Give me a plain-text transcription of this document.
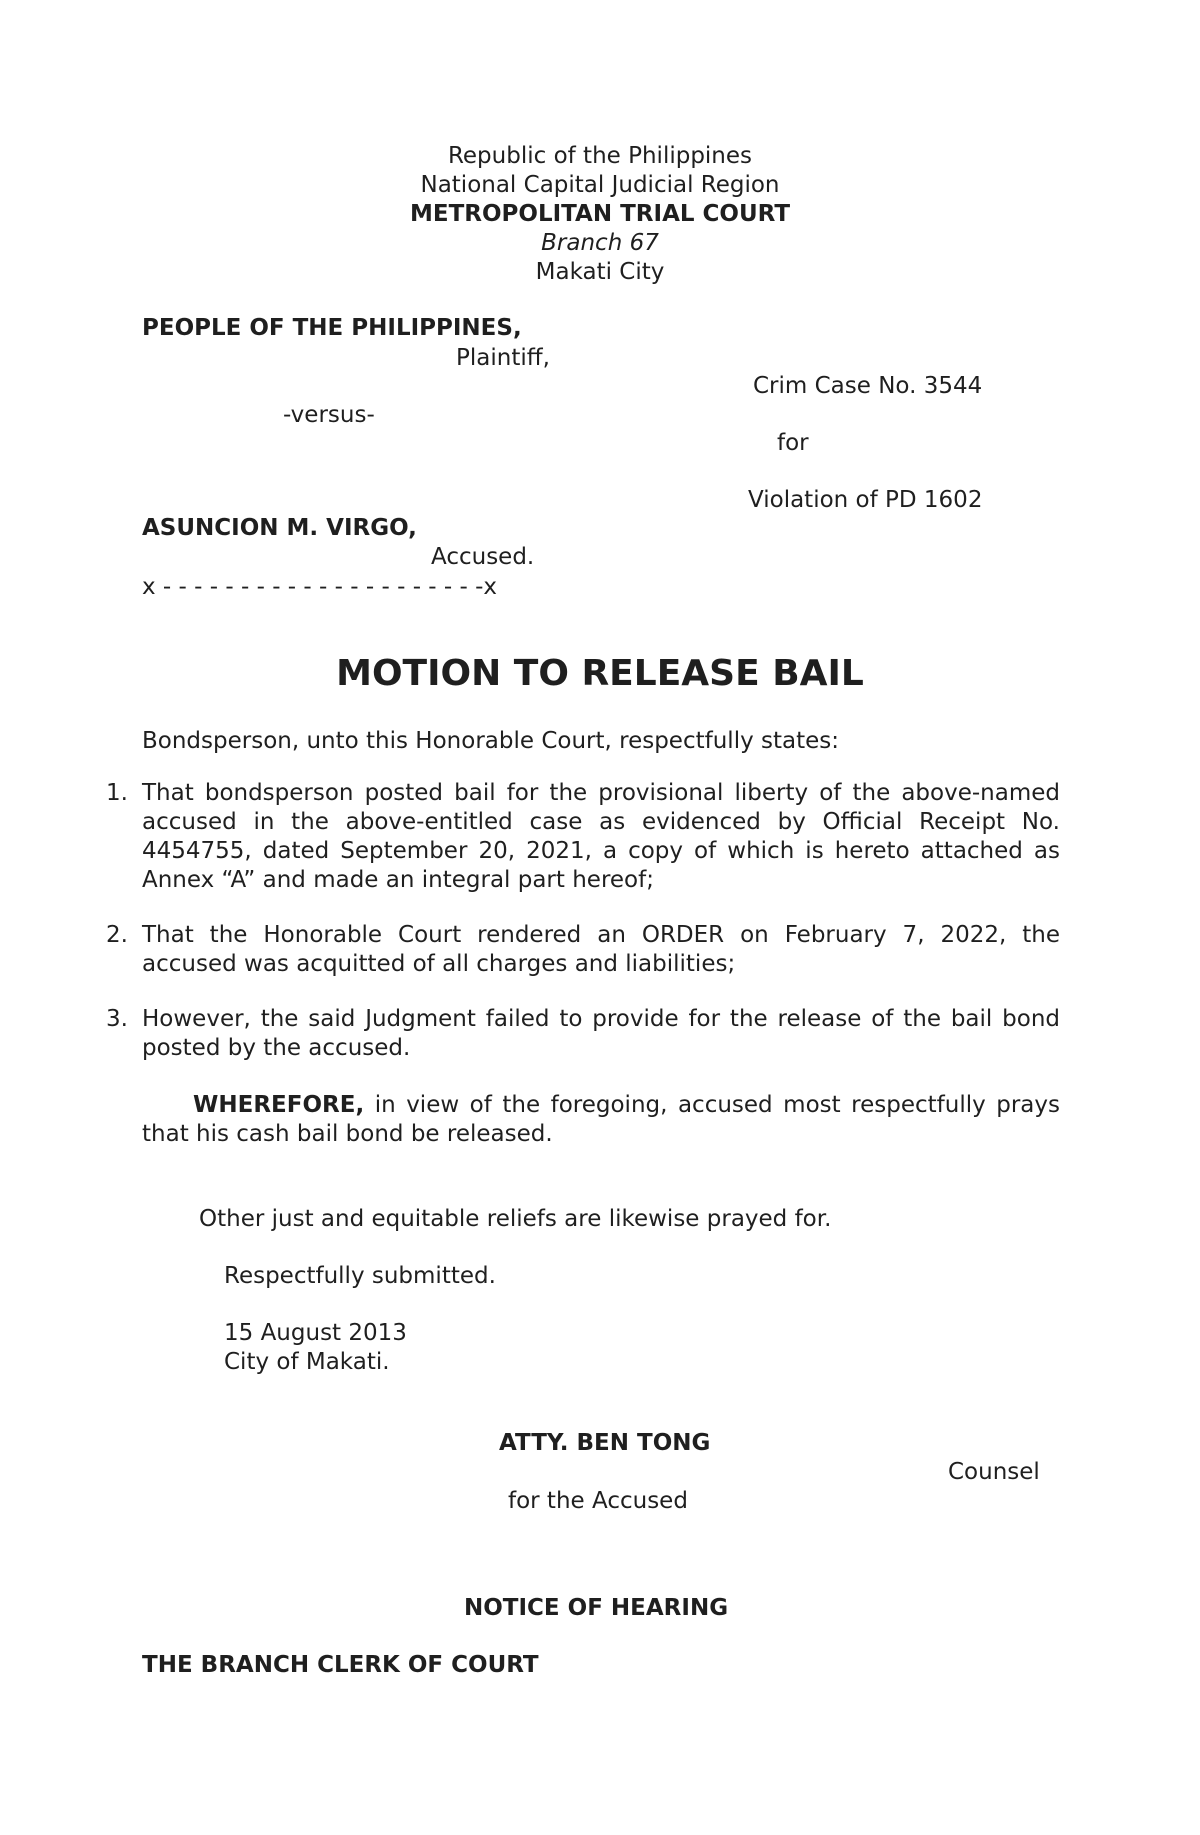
Republic of the Philippines
National Capital Judicial Region
METROPOLITAN TRIAL COURT
Branch 67
Makati City
PEOPLE OF THE PHILIPPINES,
Plaintiff,
-versus-
ASUNCION M. VIRGO,
Accused.
x - - - - - - - - - - - - - - - - - - - - -x
Crim Case No. 3544
for
Violation of PD 1602
MOTION TO RELEASE BAIL
Bondsperson, unto this Honorable Court, respectfully states:
1. That bondsperson posted bail for the provisional liberty of the above-named accused in the above-entitled case as evidenced by Official Receipt No. 4454755, dated September 20, 2021, a copy of which is hereto attached as Annex “A” and made an integral part hereof;
2. That the Honorable Court rendered an ORDER on February 7, 2022, the accused was acquitted of all charges and liabilities;
3. However, the said Judgment failed to provide for the release of the bail bond posted by the accused.
WHEREFORE, in view of the foregoing, accused most respectfully prays that his cash bail bond be released.
Other just and equitable reliefs are likewise prayed for.
Respectfully submitted.
15 August 2013
City of Makati.
ATTY. BEN TONG
Counsel
for the Accused
NOTICE OF HEARING
THE BRANCH CLERK OF COURT
